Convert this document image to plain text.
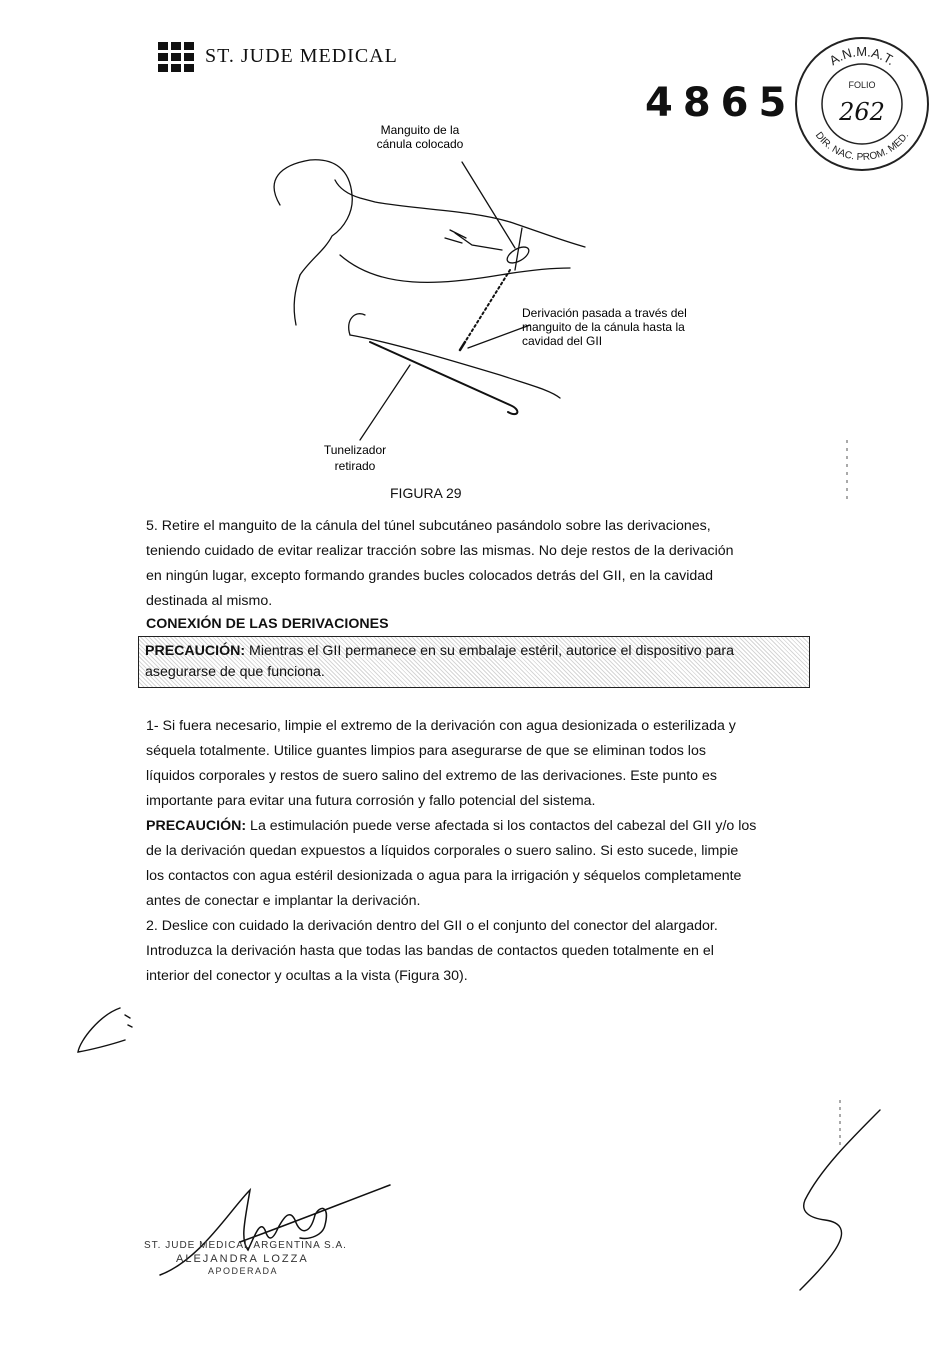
ST. JUDE MEDICAL
4865
A.N.M.A.T.
DIR. NAC. PROM. MED.
FOLIO
262
Manguito de la
cánula colocado
Derivación pasada a través del
manguito de la cánula hasta la
cavidad del GII
Tunelizador
retirado
FIGURA 29
5. Retire el manguito de la cánula del túnel subcutáneo pasándolo sobre las derivaciones,
teniendo cuidado de evitar realizar tracción sobre las mismas. No deje restos de la derivación
en ningún lugar, excepto formando grandes bucles colocados detrás del GII, en la cavidad
destinada al mismo.
CONEXIÓN DE LAS DERIVACIONES
PRECAUCIÓN: Mientras el GII permanece en su embalaje estéril, autorice el dispositivo para
asegurarse de que funciona.
1- Si fuera necesario, limpie el extremo de la derivación con agua desionizada o esterilizada y
séquela totalmente. Utilice guantes limpios para asegurarse de que se eliminan todos los
líquidos corporales y restos de suero salino del extremo de las derivaciones. Este punto es
importante para evitar una futura corrosión y fallo potencial del sistema.
PRECAUCIÓN: La estimulación puede verse afectada si los contactos del cabezal del GII y/o los
de la derivación quedan expuestos a líquidos corporales o suero salino. Si esto sucede, limpie
los contactos con agua estéril desionizada o agua para la irrigación y séquelos completamente
antes de conectar e implantar la derivación.
2. Deslice con cuidado la derivación dentro del GII o el conjunto del conector del alargador.
Introduzca la derivación hasta que todas las bandas de contactos queden totalmente en el
interior del conector y ocultas a la vista (Figura 30).
ST. JUDE MEDICAL ARGENTINA S.A.
ALEJANDRA LOZZA
APODERADA
